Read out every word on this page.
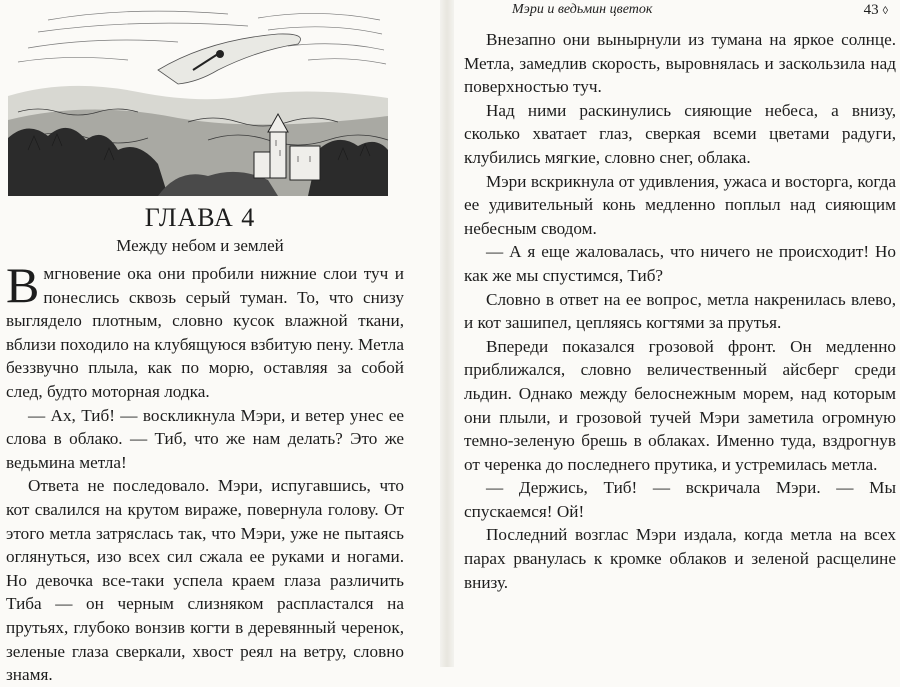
ГЛАВА 4
Между небом и землей

В мгновение ока они пробили нижние слои туч и понеслись сквозь серый туман. То, что снизу выглядело плотным, словно кусок влажной ткани, вблизи походило на клубящуюся взбитую пену. Метла беззвучно плыла, как по морю, оставляя за собой след, будто моторная лодка.

— Ах, Тиб! — воскликнула Мэри, и ветер унес ее слова в облако. — Тиб, что же нам делать? Это же ведьмина метла!

Ответа не последовало. Мэри, испугавшись, что кот свалился на крутом вираже, повернула голову. От этого метла затряслась так, что Мэри, уже не пытаясь оглянуться, изо всех сил сжала ее руками и ногами. Но девочка все-таки успела краем глаза различить Тиба — он черным слизняком распластался на прутьях, глубоко вонзив когти в деревянный черенок, зеленые глаза сверкали, хвост реял на ветру, словно знамя.

Мэри и ведьмин цветок	43 ◊

Внезапно они вынырнули из тумана на яркое солнце. Метла, замедлив скорость, выровнялась и заскользила над поверхностью туч.

Над ними раскинулись сияющие небеса, а внизу, сколько хватает глаз, сверкая всеми цветами радуги, клубились мягкие, словно снег, облака.

Мэри вскрикнула от удивления, ужаса и восторга, когда ее удивительный конь медленно поплыл над сияющим небесным сводом.

— А я еще жаловалась, что ничего не происходит! Но как же мы спустимся, Тиб?

Словно в ответ на ее вопрос, метла накренилась влево, и кот зашипел, цепляясь когтями за прутья.

Впереди показался грозовой фронт. Он медленно приближался, словно величественный айсберг среди льдин. Однако между белоснежным морем, над которым они плыли, и грозовой тучей Мэри заметила огромную темно-зеленую брешь в облаках. Именно туда, вздрогнув от черенка до последнего прутика, и устремилась метла.

— Держись, Тиб! — вскричала Мэри. — Мы спускаемся! Ой!

Последний возглас Мэри издала, когда метла на всех парах рванулась к кромке облаков и зеленой расщелине внизу.
